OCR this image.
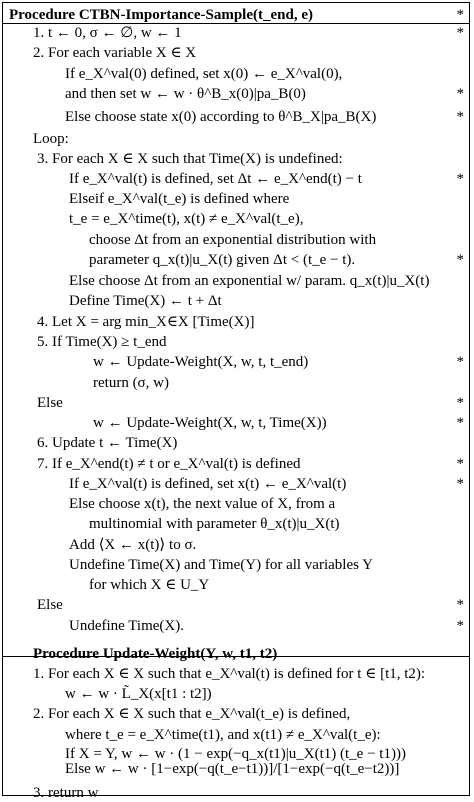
Procedure CTBN-Importance-Sample(t_end, e)	*
1. t ← 0, σ ← ∅, w ← 1	*
2. For each variable X ∈ X
If e_X^val(0) defined, set x(0) ← e_X^val(0),
and then set w ← w · θ^B_x(0)|pa_B(0)	*
Else choose state x(0) according to θ^B_X|pa_B(X)	*
Loop:
3. For each X ∈ X such that Time(X) is undefined:
If e_X^val(t) is defined, set Δt ← e_X^end(t) − t	*
Elseif e_X^val(t_e) is defined where
t_e = e_X^time(t), x(t) ≠ e_X^val(t_e),
choose Δt from an exponential distribution with
parameter q_x(t)|u_X(t) given Δt < (t_e − t).	*
Else choose Δt from an exponential w/ param. q_x(t)|u_X(t)
Define Time(X) ← t + Δt
4. Let X = arg min_X∈X [Time(X)]
5. If Time(X) ≥ t_end
w ← Update-Weight(X, w, t, t_end)	*
return (σ, w)
Else	*
w ← Update-Weight(X, w, t, Time(X))	*
6. Update t ← Time(X)
7. If e_X^end(t) ≠ t or e_X^val(t) is defined	*
If e_X^val(t) is defined, set x(t) ← e_X^val(t)	*
Else choose x(t), the next value of X, from a
multinomial with parameter θ_x(t)|u_X(t)
Add ⟨X ← x(t)⟩ to σ.
Undefine Time(X) and Time(Y) for all variables Y
for which X ∈ U_Y
Else	*
Undefine Time(X).	*
Procedure Update-Weight(Y, w, t1, t2)
1. For each X ∈ X such that e_X^val(t) is defined for t ∈ [t1, t2):
w ← w · L̃_X(x[t1 : t2])
2. For each X ∈ X such that e_X^val(t_e) is defined,
where t_e = e_X^time(t1), and x(t1) ≠ e_X^val(t_e):
If X = Y, w ← w · (1 − exp(−q_x(t1)|u_X(t1) (t_e − t1)))
Else w ← w · [1−exp(−q(t_e−t1))]/[1−exp(−q(t_e−t2))]
3. return w
